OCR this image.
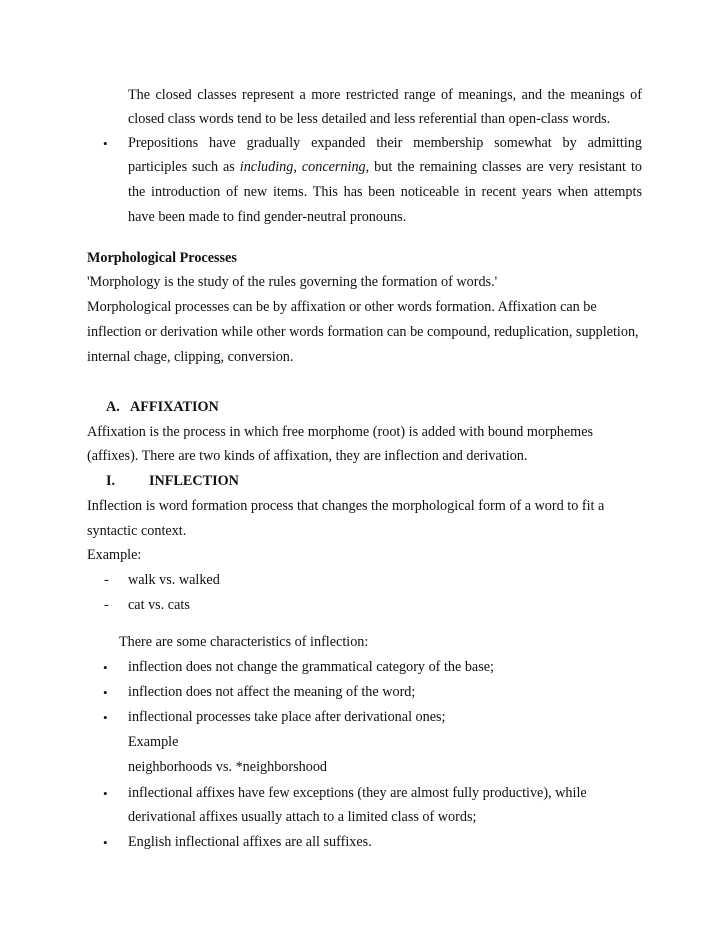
The closed classes represent a more restricted range of meanings, and the meanings of
closed class words tend to be less detailed and less referential than open-class words.
• Prepositions have gradually expanded their membership somewhat by admitting
participles such as including, concerning, but the remaining classes are very resistant to
the introduction of new items. This has been noticeable in recent years when attempts
have been made to find gender-neutral pronouns.
Morphological Processes
'Morphology is the study of the rules governing the formation of words.'
Morphological processes can be by affixation or other words formation. Affixation can be
inflection or derivation while other words formation can be compound, reduplication, suppletion,
internal chage, clipping, conversion.
A. AFFIXATION
Affixation is the process in which free morphome (root) is added with bound morphemes
(affixes). There are two kinds of affixation, they are inflection and derivation.
I. INFLECTION
Inflection is word formation process that changes the morphological form of a word to fit a
syntactic context.
Example:
- walk vs. walked
- cat vs. cats
There are some characteristics of inflection:
• inflection does not change the grammatical category of the base;
• inflection does not affect the meaning of the word;
• inflectional processes take place after derivational ones;
Example
neighborhoods vs. *neighborshood
• inflectional affixes have few exceptions (they are almost fully productive), while
derivational affixes usually attach to a limited class of words;
• English inflectional affixes are all suffixes.
